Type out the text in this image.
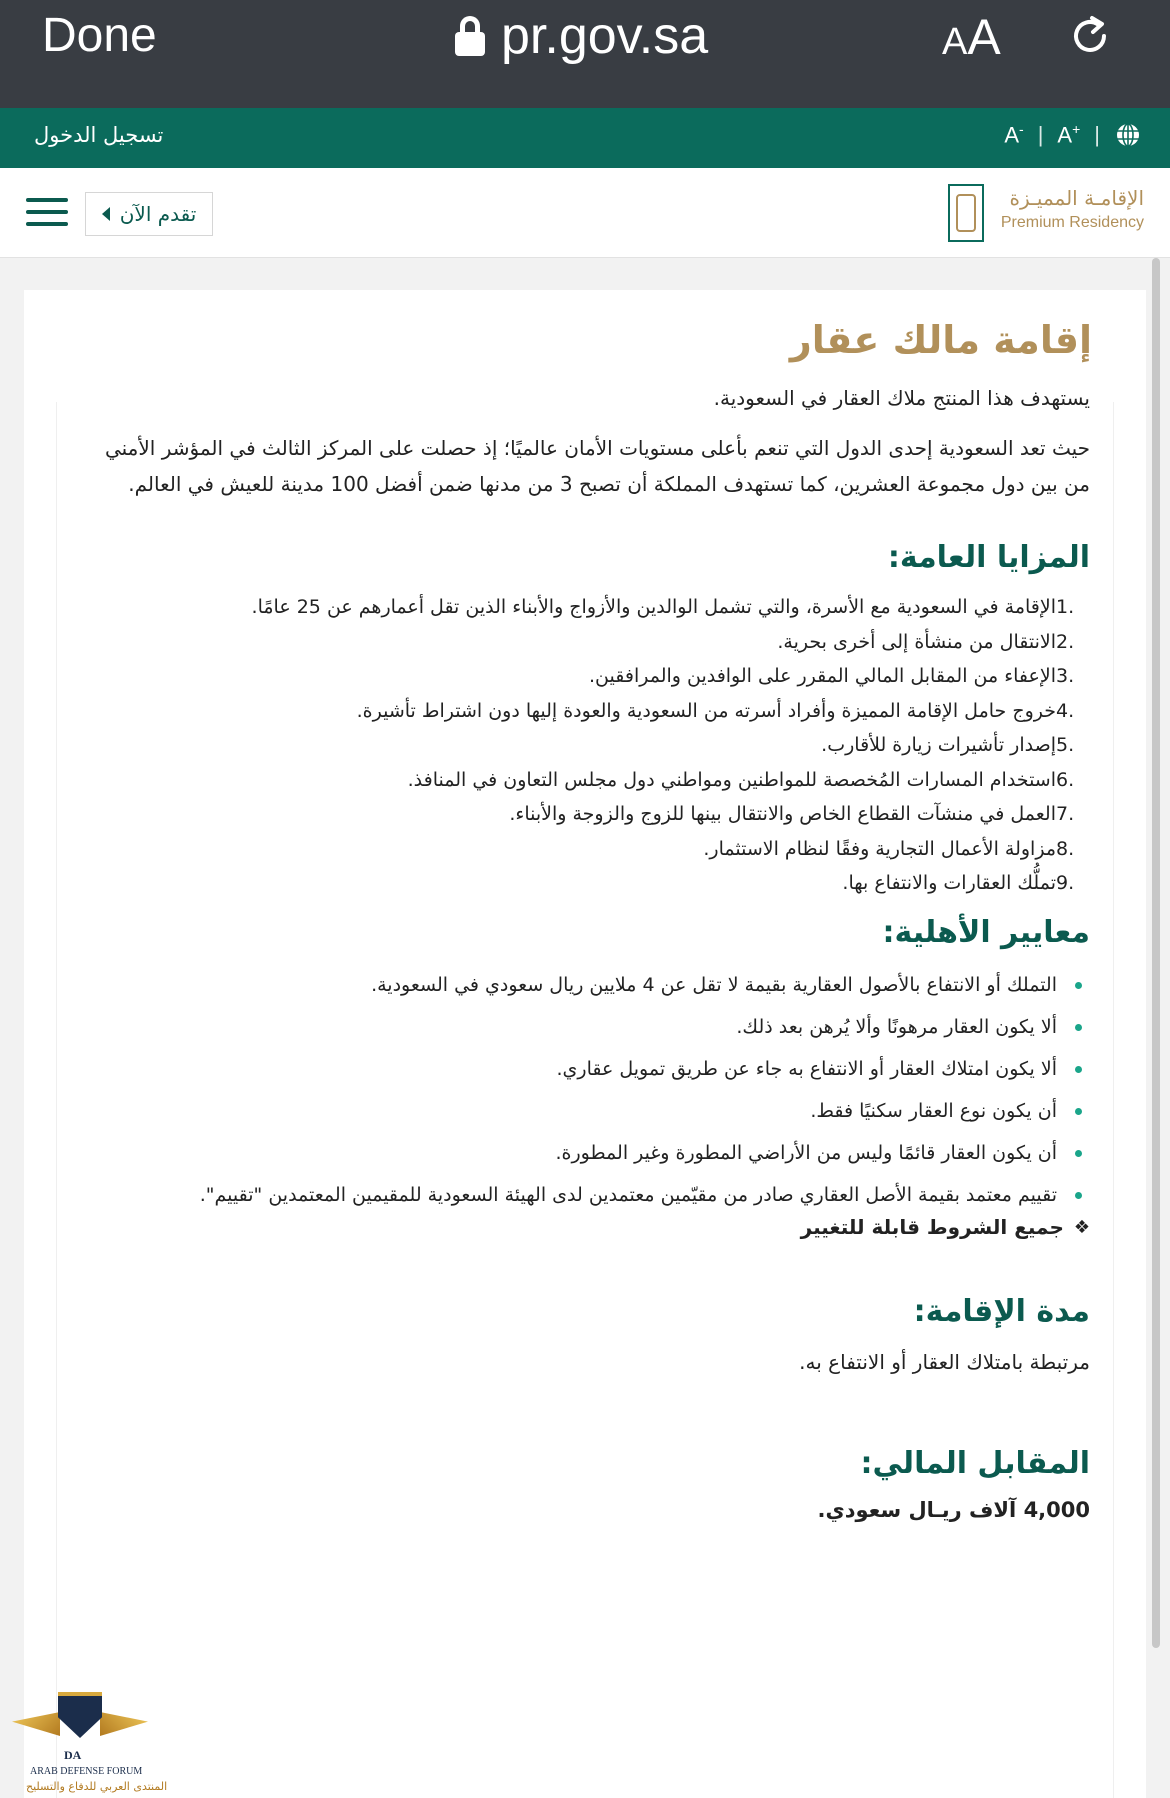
Done	pr.gov.sa	AA
تسجيل الدخول	A- | A+ |
تقدم الآن
الإقامـة المميـزة
Premium Residency
إقامة مالك عقار
يستهدف هذا المنتج ملاك العقار في السعودية.
حيث تعد السعودية إحدى الدول التي تنعم بأعلى مستويات الأمان عالميًا؛ إذ حصلت على المركز الثالث في المؤشر الأمني من بين دول مجموعة العشرين، كما تستهدف المملكة أن تصبح 3 من مدنها ضمن أفضل 100 مدينة للعيش في العالم.
المزايا العامة:
.1
الإقامة في السعودية مع الأسرة، والتي تشمل الوالدين والأزواج والأبناء الذين تقل أعمارهم عن 25 عامًا.
.2
الانتقال من منشأة إلى أخرى بحرية.
.3
الإعفاء من المقابل المالي المقرر على الوافدين والمرافقين.
.4
خروج حامل الإقامة المميزة وأفراد أسرته من السعودية والعودة إليها دون اشتراط تأشيرة.
.5
إصدار تأشيرات زيارة للأقارب.
.6
استخدام المسارات المُخصصة للمواطنين ومواطني دول مجلس التعاون في المنافذ.
.7
العمل في منشآت القطاع الخاص والانتقال بينها للزوج والزوجة والأبناء.
.8
مزاولة الأعمال التجارية وفقًا لنظام الاستثمار.
.9
تملُّك العقارات والانتفاع بها.
معايير الأهلية:
التملك أو الانتفاع بالأصول العقارية بقيمة لا تقل عن 4 ملايين ريال سعودي في السعودية.
ألا يكون العقار مرهونًا وألا يُرهن بعد ذلك.
ألا يكون امتلاك العقار أو الانتفاع به جاء عن طريق تمويل عقاري.
أن يكون نوع العقار سكنيًا فقط.
أن يكون العقار قائمًا وليس من الأراضي المطورة وغير المطورة.
تقييم معتمد بقيمة الأصل العقاري صادر من مقيّمين معتمدين لدى الهيئة السعودية للمقيمين المعتمدين "تقييم".
❖
جميع الشروط قابلة للتغيير
مدة الإقامة:
مرتبطة بامتلاك العقار أو الانتفاع به.
المقابل المالي:
4,000 آلاف ريـال سعودي.
DA
ARAB DEFENSE FORUM
المنتدى العربي للدفاع والتسليح
